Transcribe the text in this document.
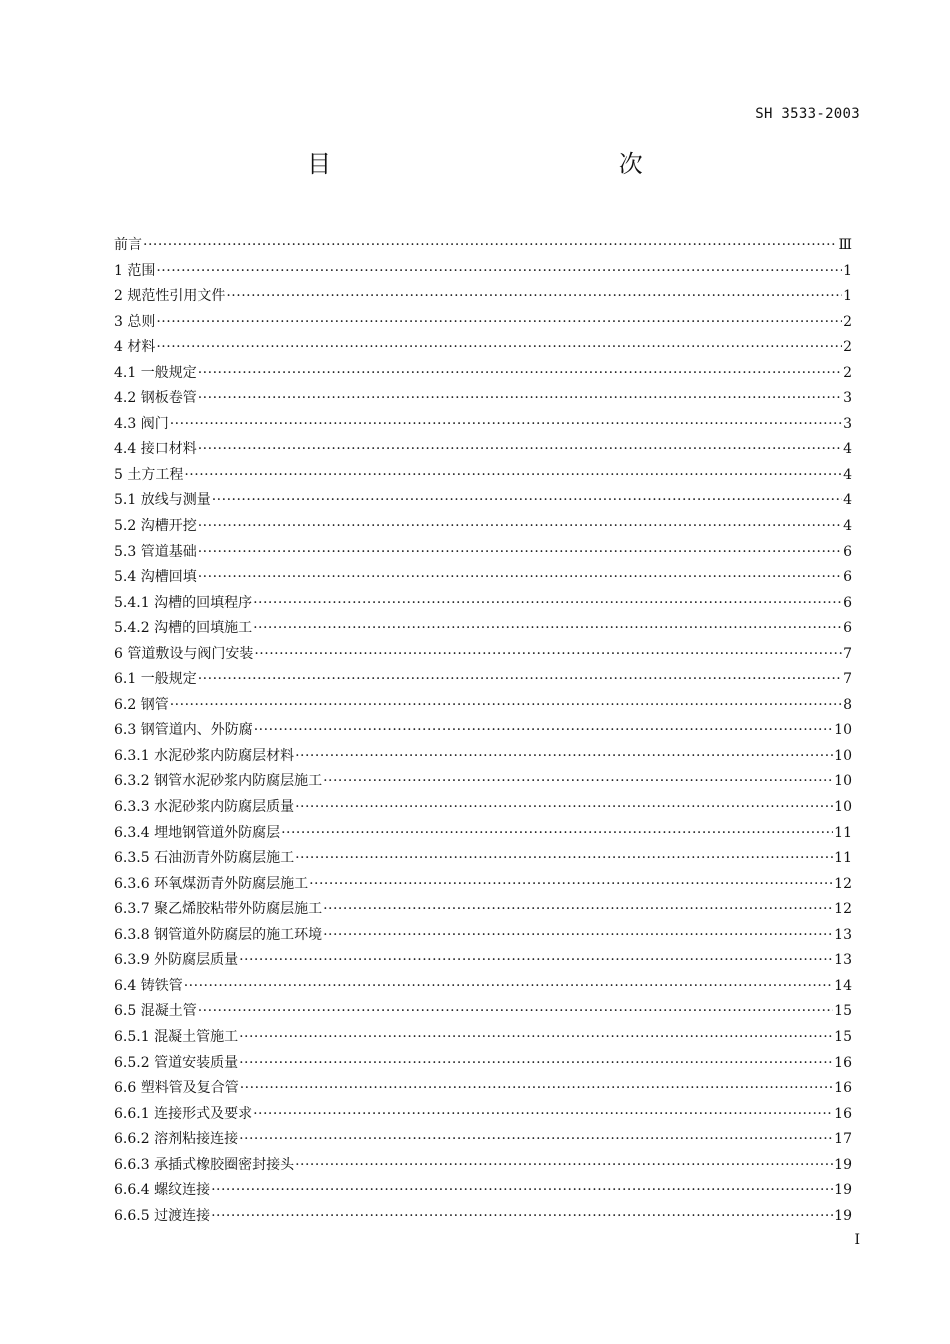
SH 3533-2003
目 次
前言 ·····	Ⅲ
1 范围 ·····	1
2 规范性引用文件 ·····	1
3 总则 ·····	2
4 材料 ·····	2
4.1 一般规定 ·····	2
4.2 钢板卷管 ·····	3
4.3 阀门 ·····	3
4.4 接口材料 ·····	4
5 土方工程 ·····	4
5.1 放线与测量 ·····	4
5.2 沟槽开挖 ·····	4
5.3 管道基础 ·····	6
5.4 沟槽回填 ·····	6
5.4.1 沟槽的回填程序 ·····	6
5.4.2 沟槽的回填施工 ·····	6
6 管道敷设与阀门安装 ·····	7
6.1 一般规定 ·····	7
6.2 钢管 ·····	8
6.3 钢管道内、外防腐 ·····	10
6.3.1 水泥砂浆内防腐层材料 ·····	10
6.3.2 钢管水泥砂浆内防腐层施工 ·····	10
6.3.3 水泥砂浆内防腐层质量 ·····	10
6.3.4 埋地钢管道外防腐层 ·····	11
6.3.5 石油沥青外防腐层施工 ·····	11
6.3.6 环氧煤沥青外防腐层施工 ·····	12
6.3.7 聚乙烯胶粘带外防腐层施工 ·····	12
6.3.8 钢管道外防腐层的施工环境 ·····	13
6.3.9 外防腐层质量 ·····	13
6.4 铸铁管 ·····	14
6.5 混凝土管 ·····	15
6.5.1 混凝土管施工 ·····	15
6.5.2 管道安装质量 ·····	16
6.6 塑料管及复合管 ·····	16
6.6.1 连接形式及要求 ·····	16
6.6.2 溶剂粘接连接 ·····	17
6.6.3 承插式橡胶圈密封接头 ·····	19
6.6.4 螺纹连接 ·····	19
6.6.5 过渡连接 ·····	19
I
